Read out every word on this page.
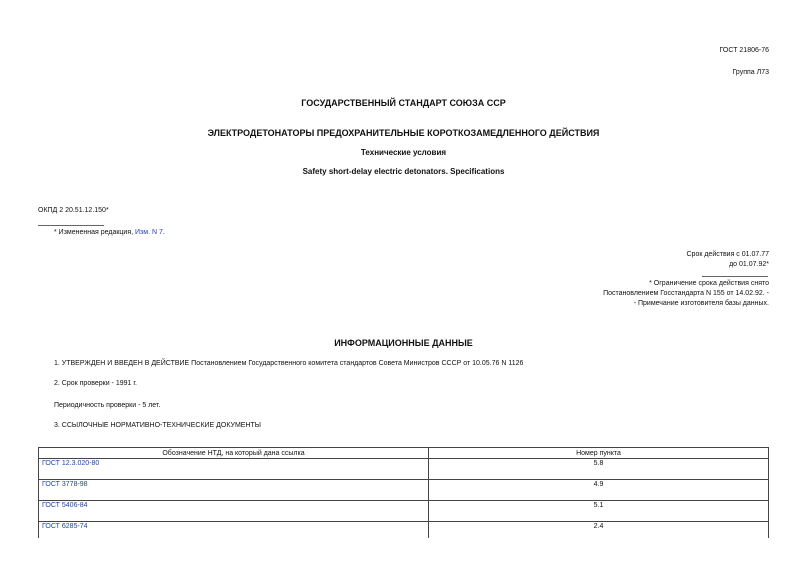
ГОСТ 21806-76
Группа Л73
ГОСУДАРСТВЕННЫЙ СТАНДАРТ СОЮЗА ССР
ЭЛЕКТРОДЕТОНАТОРЫ ПРЕДОХРАНИТЕЛЬНЫЕ КОРОТКОЗАМЕДЛЕННОГО ДЕЙСТВИЯ
Технические условия
Safety short-delay electric detonators. Specifications
ОКПД 2 20.51.12.150*
* Измененная редакция, Изм. N 7.
Срок действия с 01.07.77
до 01.07.92*
* Ограничение срока действия снято
Постановлением Госстандарта N 155 от 14.02.92. -
- Примечание изготовителя базы данных.
ИНФОРМАЦИОННЫЕ ДАННЫЕ
1. УТВЕРЖДЕН И ВВЕДЕН В ДЕЙСТВИЕ Постановлением Государственного комитета стандартов Совета Министров СССР от 10.05.76 N 1126
2. Срок проверки - 1991 г.
Периодичность проверки - 5 лет.
3. ССЫЛОЧНЫЕ НОРМАТИВНО-ТЕХНИЧЕСКИЕ ДОКУМЕНТЫ
Обозначение НТД, на который дана ссылка	Номер пункта
ГОСТ 12.3.020-80	5.8
ГОСТ 3778-98	4.9
ГОСТ 5406-84	5.1
ГОСТ 6285-74	2.4
